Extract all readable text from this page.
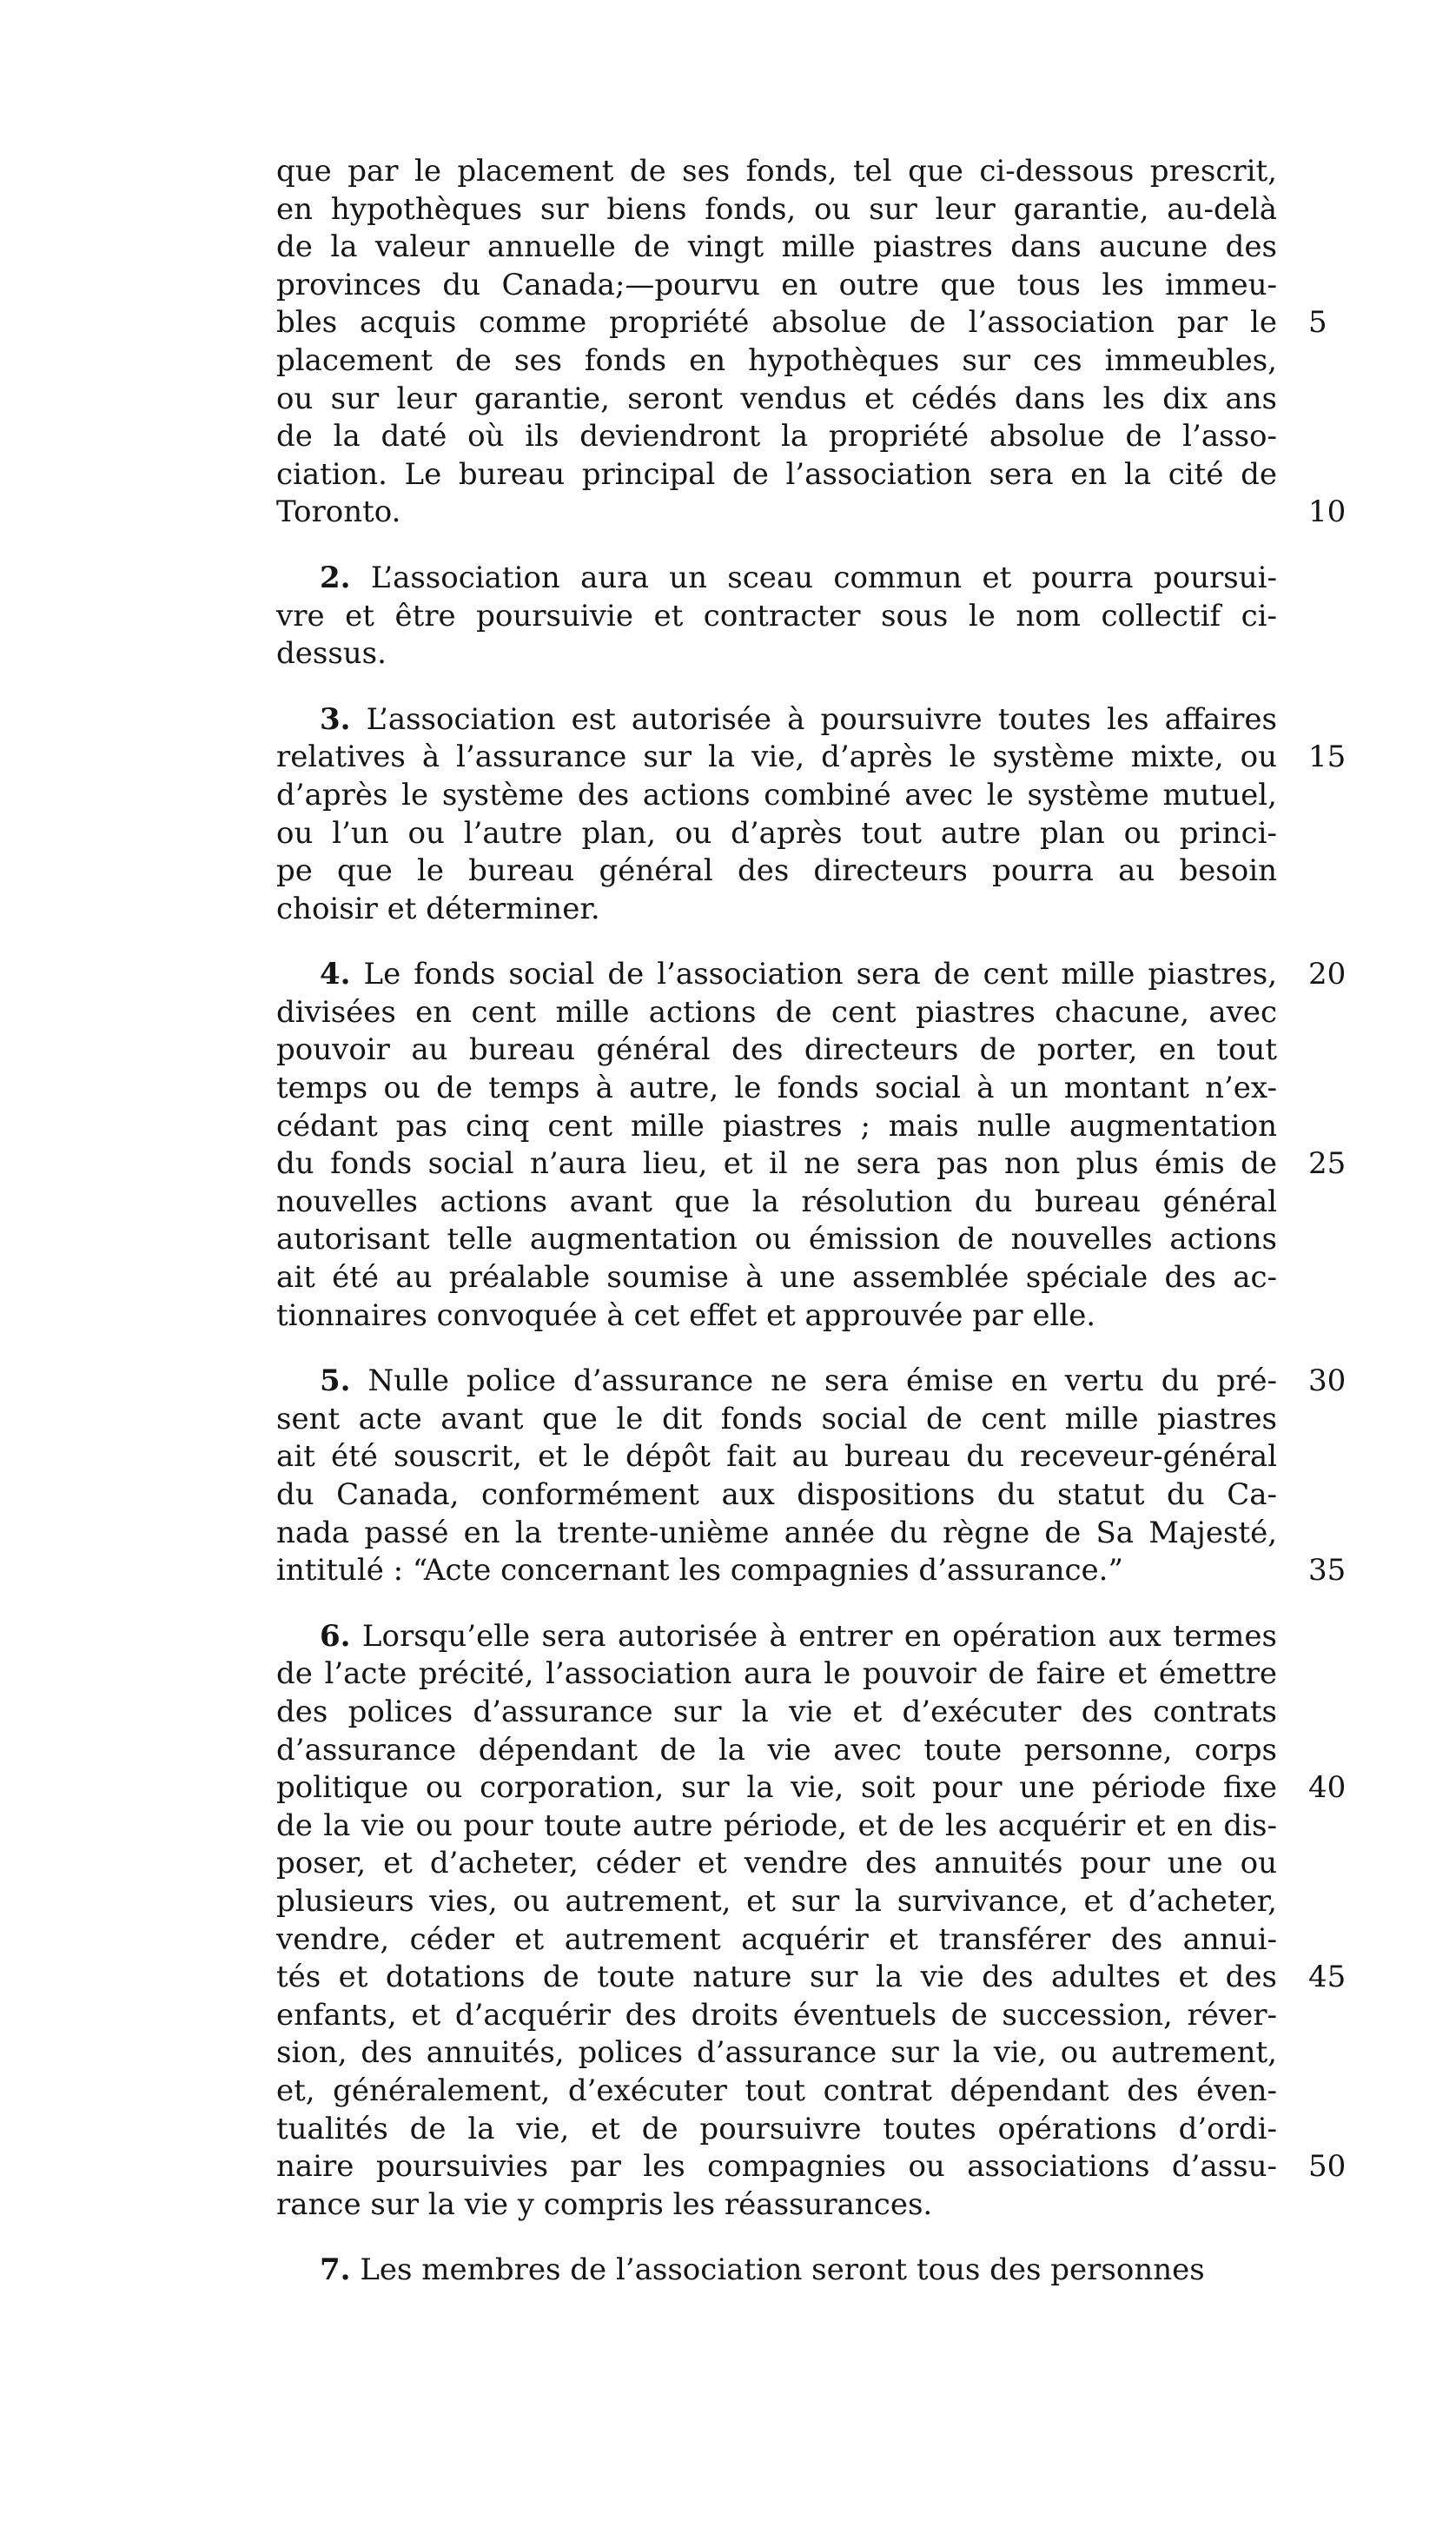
que par le placement de ses fonds, tel que ci-dessous prescrit,
en hypothèques sur biens fonds, ou sur leur garantie, au-delà
de la valeur annuelle de vingt mille piastres dans aucune des
provinces du Canada;—pourvu en outre que tous les immeu-
bles acquis comme propriété absolue de l’association par le 5
placement de ses fonds en hypothèques sur ces immeubles,
ou sur leur garantie, seront vendus et cédés dans les dix ans
de la daté où ils deviendront la propriété absolue de l’asso-
ciation. Le bureau principal de l’association sera en la cité de
Toronto.	10
2. L’association aura un sceau commun et pourra poursui-
vre et être poursuivie et contracter sous le nom collectif ci-
dessus.
3. L’association est autorisée à poursuivre toutes les affaires
relatives à l’assurance sur la vie, d’après le système mixte, ou 15
d’après le système des actions combiné avec le système mutuel,
ou l’un ou l’autre plan, ou d’après tout autre plan ou princi-
pe que le bureau général des directeurs pourra au besoin
choisir et déterminer.
4. Le fonds social de l’association sera de cent mille piastres, 20
divisées en cent mille actions de cent piastres chacune, avec
pouvoir au bureau général des directeurs de porter, en tout
temps ou de temps à autre, le fonds social à un montant n’ex-
cédant pas cinq cent mille piastres ; mais nulle augmentation
du fonds social n’aura lieu, et il ne sera pas non plus émis de 25
nouvelles actions avant que la résolution du bureau général
autorisant telle augmentation ou émission de nouvelles actions
ait été au préalable soumise à une assemblée spéciale des ac-
tionnaires convoquée à cet effet et approuvée par elle.
5. Nulle police d’assurance ne sera émise en vertu du pré- 30
sent acte avant que le dit fonds social de cent mille piastres
ait été souscrit, et le dépôt fait au bureau du receveur-général
du Canada, conformément aux dispositions du statut du Ca-
nada passé en la trente-unième année du règne de Sa Majesté,
intitulé : “Acte concernant les compagnies d’assurance.”	35
6. Lorsqu’elle sera autorisée à entrer en opération aux termes
de l’acte précité, l’association aura le pouvoir de faire et émettre
des polices d’assurance sur la vie et d’exécuter des contrats
d’assurance dépendant de la vie avec toute personne, corps
politique ou corporation, sur la vie, soit pour une période fixe 40
de la vie ou pour toute autre période, et de les acquérir et en dis-
poser, et d’acheter, céder et vendre des annuités pour une ou
plusieurs vies, ou autrement, et sur la survivance, et d’acheter,
vendre, céder et autrement acquérir et transférer des annui-
tés et dotations de toute nature sur la vie des adultes et des 45
enfants, et d’acquérir des droits éventuels de succession, réver-
sion, des annuités, polices d’assurance sur la vie, ou autrement,
et, généralement, d’exécuter tout contrat dépendant des éven-
tualités de la vie, et de poursuivre toutes opérations d’ordi-
naire poursuivies par les compagnies ou associations d’assu- 50
rance sur la vie y compris les réassurances.
7. Les membres de l’association seront tous des personnes
